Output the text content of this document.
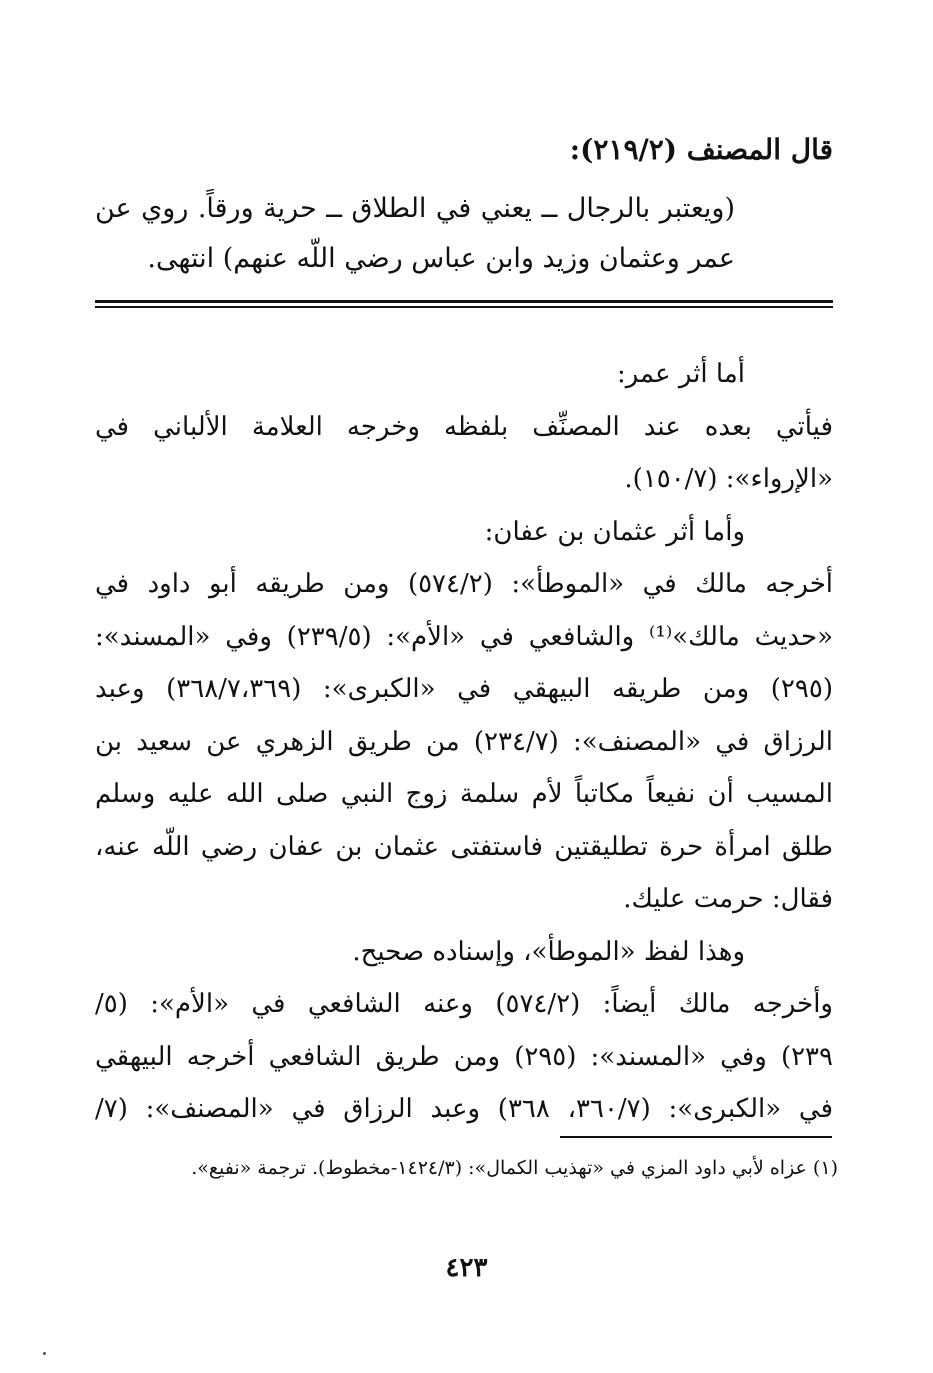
قال المصنف (٢١٩/٢):
(ويعتبر بالرجال ــ يعني في الطلاق ــ حرية ورقاً. روي عن
عمر وعثمان وزيد وابن عباس رضي اللّه عنهم) انتهى.
أما أثر عمر:
فيأتي بعده عند المصنِّف بلفظه وخرجه العلامة الألباني في
«الإرواء»: (١٥٠/٧).
وأما أثر عثمان بن عفان:
أخرجه مالك في «الموطأ»: (٥٧٤/٢) ومن طريقه أبو داود في
«حديث مالك»⁽¹⁾ والشافعي في «الأم»: (٢٣٩/٥) وفي «المسند»:
(٢٩٥) ومن طريقه البيهقي في «الكبرى»: (٣٦٨/٧،٣٦٩) وعبد
الرزاق في «المصنف»: (٢٣٤/٧) من طريق الزهري عن سعيد بن
المسيب أن نفيعاً مكاتباً لأم سلمة زوج النبي صلى الله عليه وسلم
طلق امرأة حرة تطليقتين فاستفتى عثمان بن عفان رضي اللّه عنه،
فقال: حرمت عليك.
وهذا لفظ «الموطأ»، وإسناده صحيح.
وأخرجه مالك أيضاً: (٥٧٤/٢) وعنه الشافعي في «الأم»: (٥/
٢٣٩) وفي «المسند»: (٢٩٥) ومن طريق الشافعي أخرجه البيهقي
في «الكبرى»: (٣٦٠/٧، ٣٦٨) وعبد الرزاق في «المصنف»: (٧/
(١) عزاه لأبي داود المزي في «تهذيب الكمال»: (١٤٢٤/٣-مخطوط). ترجمة «نفيع».
٤٢٣
